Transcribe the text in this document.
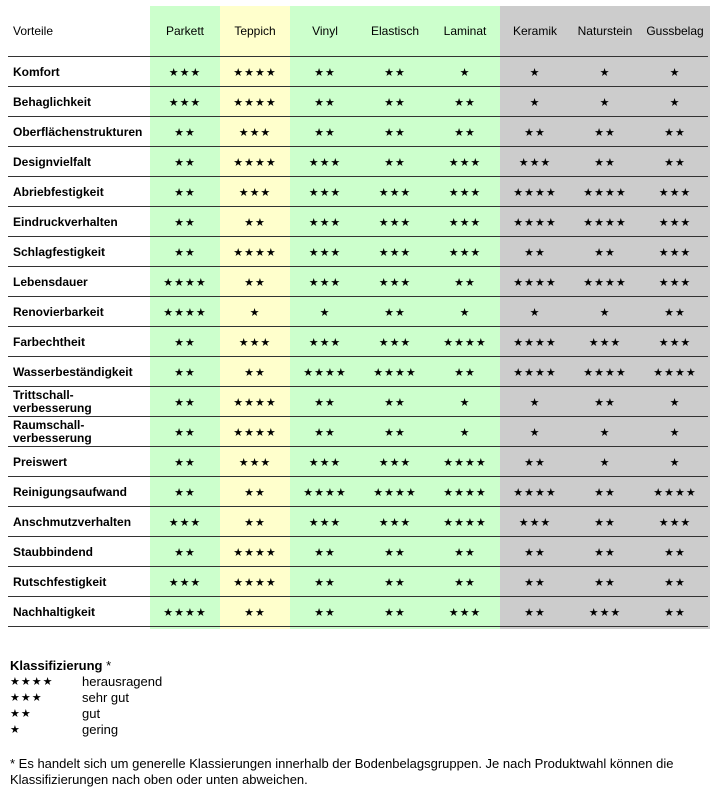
Vorteile	Parkett	Teppich	Vinyl	Elastisch	Laminat	Keramik	Naturstein	Gussbelag
Komfort	★★★	★★★★	★★	★★	★	★	★	★
Behaglichkeit	★★★	★★★★	★★	★★	★★	★	★	★
Oberflächenstrukturen	★★	★★★	★★	★★	★★	★★	★★	★★
Designvielfalt	★★	★★★★	★★★	★★	★★★	★★★	★★	★★
Abriebfestigkeit	★★	★★★	★★★	★★★	★★★	★★★★	★★★★	★★★
Eindruckverhalten	★★	★★	★★★	★★★	★★★	★★★★	★★★★	★★★
Schlagfestigkeit	★★	★★★★	★★★	★★★	★★★	★★	★★	★★★
Lebensdauer	★★★★	★★	★★★	★★★	★★	★★★★	★★★★	★★★
Renovierbarkeit	★★★★	★	★	★★	★	★	★	★★
Farbechtheit	★★	★★★	★★★	★★★	★★★★	★★★★	★★★	★★★
Wasserbeständigkeit	★★	★★	★★★★	★★★★	★★	★★★★	★★★★	★★★★
Trittschall-
verbesserung	★★	★★★★	★★	★★	★	★	★★	★
Raumschall-
verbesserung	★★	★★★★	★★	★★	★	★	★	★
Preiswert	★★	★★★	★★★	★★★	★★★★	★★	★	★
Reinigungsaufwand	★★	★★	★★★★	★★★★	★★★★	★★★★	★★	★★★★
Anschmutzverhalten	★★★	★★	★★★	★★★	★★★★	★★★	★★	★★★
Staubbindend	★★	★★★★	★★	★★	★★	★★	★★	★★
Rutschfestigkeit	★★★	★★★★	★★	★★	★★	★★	★★	★★
Nachhaltigkeit	★★★★	★★	★★	★★	★★★	★★	★★★	★★
Klassifizierung *
★★★★	herausragend
★★★	sehr gut
★★	gut
★	gering
* Es handelt sich um generelle Klassierungen innerhalb der Bodenbelagsgruppen. Je nach Produktwahl können die Klassifizierungen nach oben oder unten abweichen.
